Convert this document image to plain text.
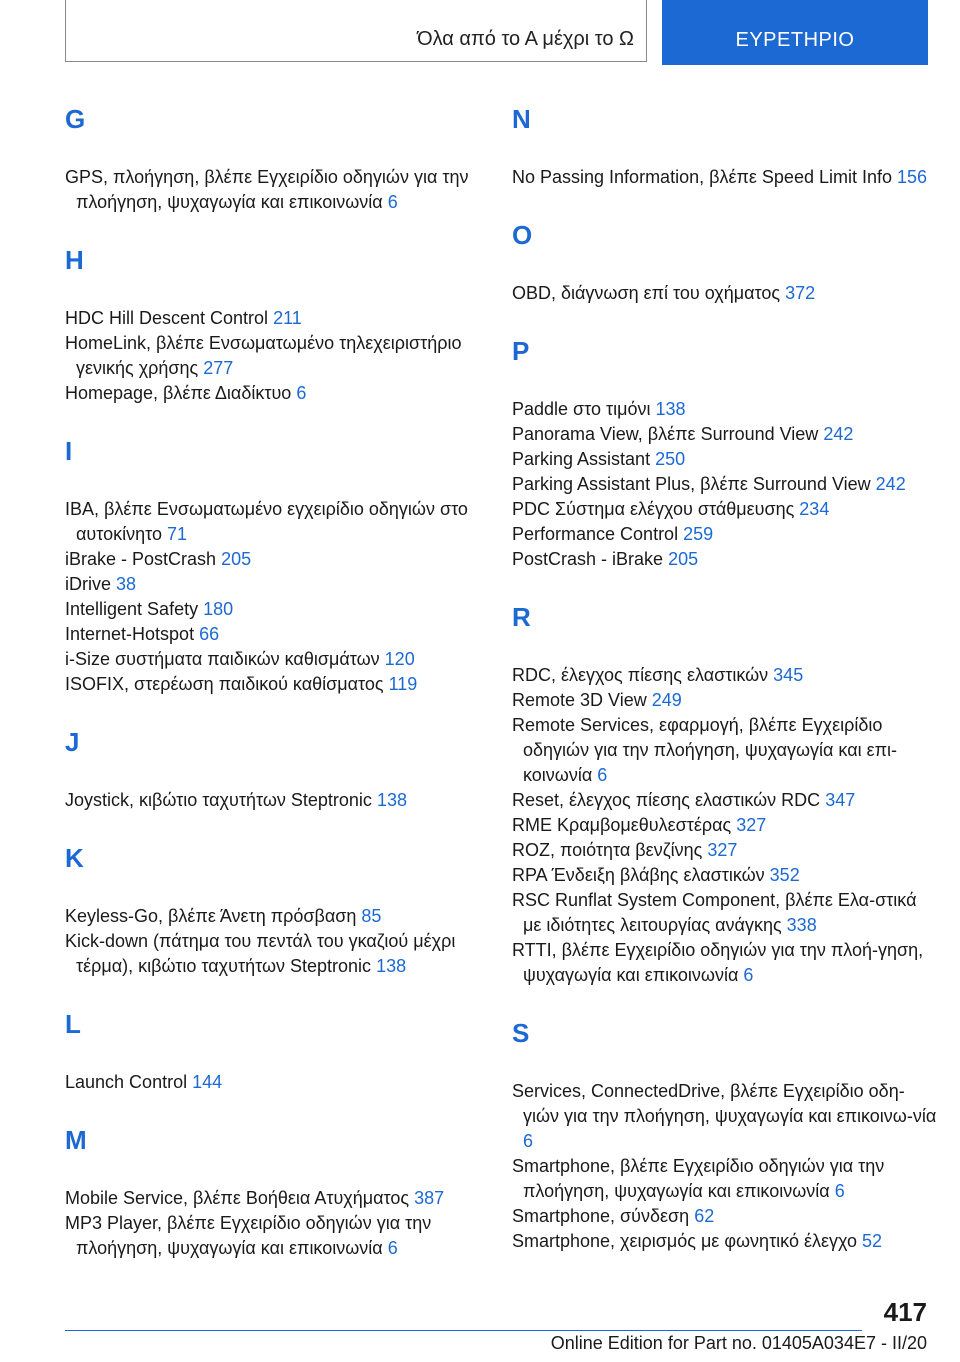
Όλα από το Α μέχρι το Ω	ΕΥΡΕΤΗΡΙΟ
G
GPS, πλοήγηση, βλέπε Εγχειρίδιο οδηγιών για την πλοήγηση, ψυχαγωγία και επικοινωνία 6
H
HDC Hill Descent Control 211
HomeLink, βλέπε Ενσωματωμένο τηλεχειριστήριο γενικής χρήσης 277
Homepage, βλέπε Διαδίκτυο 6
I
IBA, βλέπε Ενσωματωμένο εγχειρίδιο οδηγιών στο αυτοκίνητο 71
iBrake - PostCrash 205
iDrive 38
Intelligent Safety 180
Internet-Hotspot 66
i-Size συστήματα παιδικών καθισμάτων 120
ISOFIX, στερέωση παιδικού καθίσματος 119
J
Joystick, κιβώτιο ταχυτήτων Steptronic 138
K
Keyless-Go, βλέπε Άνετη πρόσβαση 85
Kick-down (πάτημα του πεντάλ του γκαζιού μέχρι τέρμα), κιβώτιο ταχυτήτων Steptronic 138
L
Launch Control 144
M
Mobile Service, βλέπε Βοήθεια Ατυχήματος 387
MP3 Player, βλέπε Εγχειρίδιο οδηγιών για την πλοήγηση, ψυχαγωγία και επικοινωνία 6
N
No Passing Information, βλέπε Speed Limit Info 156
O
OBD, διάγνωση επί του οχήματος 372
P
Paddle στο τιμόνι 138
Panorama View, βλέπε Surround View 242
Parking Assistant 250
Parking Assistant Plus, βλέπε Surround View 242
PDC Σύστημα ελέγχου στάθμευσης 234
Performance Control 259
PostCrash - iBrake 205
R
RDC, έλεγχος πίεσης ελαστικών 345
Remote 3D View 249
Remote Services, εφαρμογή, βλέπε Εγχειρίδιο οδηγιών για την πλοήγηση, ψυχαγωγία και επι-κοινωνία 6
Reset, έλεγχος πίεσης ελαστικών RDC 347
RME Κραμβομεθυλεστέρας 327
ROZ, ποιότητα βενζίνης 327
RPA Ένδειξη βλάβης ελαστικών 352
RSC Runflat System Component, βλέπε Ελα-στικά με ιδιότητες λειτουργίας ανάγκης 338
RTTI, βλέπε Εγχειρίδιο οδηγιών για την πλοή-γηση, ψυχαγωγία και επικοινωνία 6
S
Services, ConnectedDrive, βλέπε Εγχειρίδιο οδη-γιών για την πλοήγηση, ψυχαγωγία και επικοινω-νία 6
Smartphone, βλέπε Εγχειρίδιο οδηγιών για την πλοήγηση, ψυχαγωγία και επικοινωνία 6
Smartphone, σύνδεση 62
Smartphone, χειρισμός με φωνητικό έλεγχο 52
417
Online Edition for Part no. 01405A034E7 - II/20
